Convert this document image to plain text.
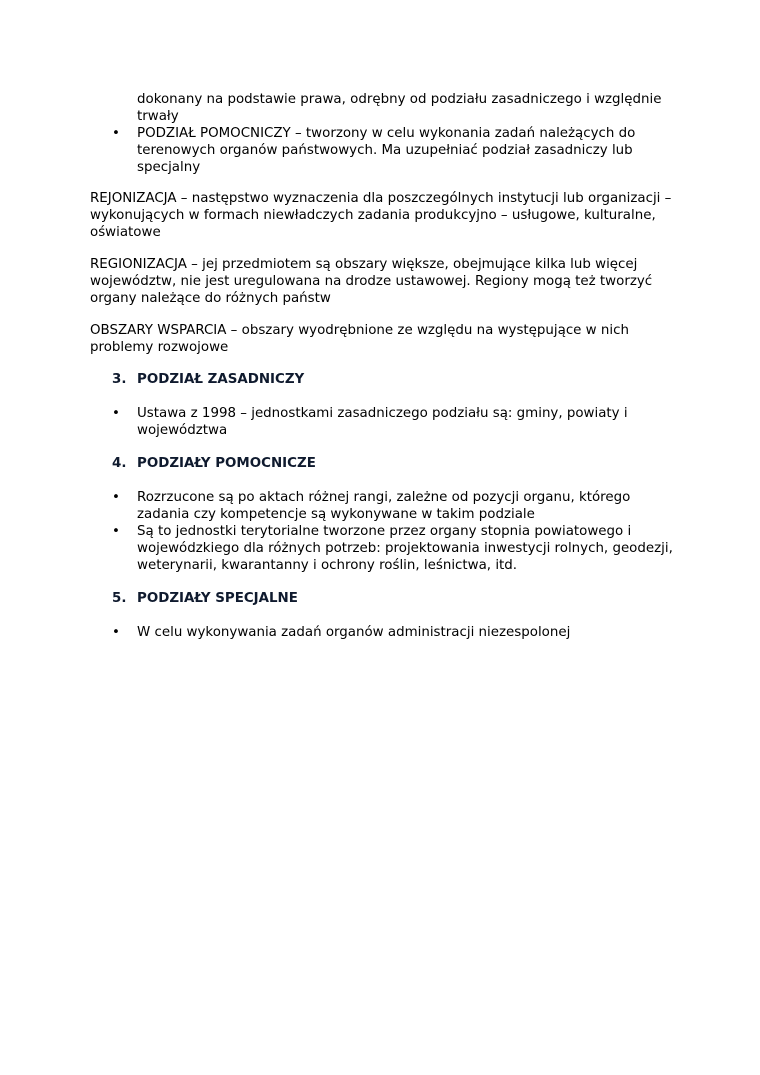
dokonany na podstawie prawa, odrębny od podziału zasadniczego i względnie trwały
• PODZIAŁ POMOCNICZY – tworzony w celu wykonania zadań należących do terenowych organów państwowych. Ma uzupełniać podział zasadniczy lub specjalny
REJONIZACJA – następstwo wyznaczenia dla poszczególnych instytucji lub organizacji – wykonujących w formach niewładczych zadania produkcyjno – usługowe, kulturalne, oświatowe
REGIONIZACJA – jej przedmiotem są obszary większe, obejmujące kilka lub więcej województw, nie jest uregulowana na drodze ustawowej. Regiony mogą też tworzyć organy należące do różnych państw
OBSZARY WSPARCIA – obszary wyodrębnione ze względu na występujące w nich problemy rozwojowe
3. PODZIAŁ ZASADNICZY
• Ustawa z 1998 – jednostkami zasadniczego podziału są: gminy, powiaty i województwa
4. PODZIAŁY POMOCNICZE
• Rozrzucone są po aktach różnej rangi, zależne od pozycji organu, którego zadania czy kompetencje są wykonywane w takim podziale
• Są to jednostki terytorialne tworzone przez organy stopnia powiatowego i wojewódzkiego dla różnych potrzeb: projektowania inwestycji rolnych, geodezji, weterynarii, kwarantanny i ochrony roślin, leśnictwa, itd.
5. PODZIAŁY SPECJALNE
• W celu wykonywania zadań organów administracji niezespolonej
